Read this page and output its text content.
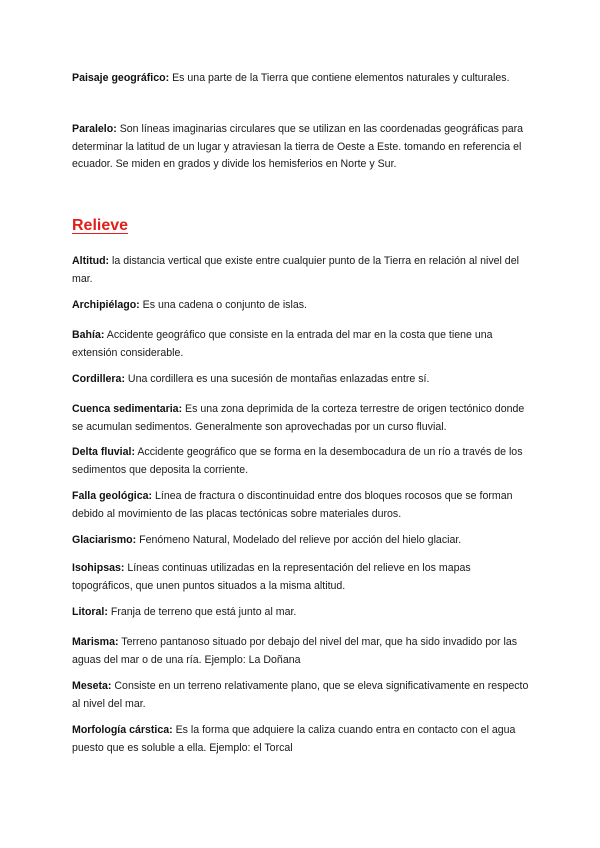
Paisaje geográfico: Es una parte de la Tierra que contiene elementos naturales y culturales.

Paralelo: Son líneas imaginarias circulares que se utilizan en las coordenadas geográficas para determinar la latitud de un lugar y atraviesan la tierra de Oeste a Este. tomando en referencia el ecuador. Se miden en grados y divide los hemisferios en Norte y Sur.

Relieve

Altitud: la distancia vertical que existe entre cualquier punto de la Tierra en relación al nivel del mar.

Archipiélago: Es una cadena o conjunto de islas.

Bahía: Accidente geográfico que consiste en la entrada del mar en la costa que tiene una extensión considerable.

Cordillera: Una cordillera es una sucesión de montañas enlazadas entre sí.

Cuenca sedimentaria: Es una zona deprimida de la corteza terrestre de origen tectónico donde se acumulan sedimentos. Generalmente son aprovechadas por un curso fluvial.

Delta fluvial: Accidente geográfico que se forma en la desembocadura de un río a través de los sedimentos que deposita la corriente.

Falla geológica: Línea de fractura o discontinuidad entre dos bloques rocosos que se forman debido al movimiento de las placas tectónicas sobre materiales duros.

Glaciarismo: Fenómeno Natural, Modelado del relieve por acción del hielo glaciar.

Isohipsas: Líneas continuas utilizadas en la representación del relieve en los mapas topográficos, que unen puntos situados a la misma altitud.

Litoral: Franja de terreno que está junto al mar.

Marisma: Terreno pantanoso situado por debajo del nivel del mar, que ha sido invadido por las aguas del mar o de una ría. Ejemplo: La Doñana

Meseta: Consiste en un terreno relativamente plano, que se eleva significativamente en respecto al nivel del mar.

Morfología cárstica: Es la forma que adquiere la caliza cuando entra en contacto con el agua puesto que es soluble a ella. Ejemplo: el Torcal
